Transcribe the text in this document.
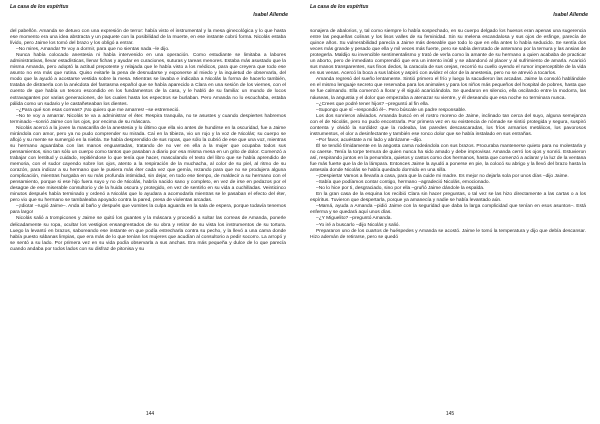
La casa de los espíritus
Isabel Allende

del pabellón. Amanda se detuvo con una expresión de terror: había visto el instrumental y la mesa ginecológica y lo que hasta ese momento era una idea abstracta y un paquete con la posibilidad de la muerte, en ese instante cobró forma. Nicolás estaba lívido, pero Jaime los tomó del brazo y los obligó a entrar.

–No mires, Amanda! Te voy a dormir, para que no sientas nada –le dijo.

Nunca había colocado anestesia ni había intervenido en una operación. Como estudiante se limitaba a labores administrativas, llevar estadísticas, llenar fichas y ayudar en curaciones, suturas y tareas menores. Estaba más asustado que la misma Amanda, pero adoptó la actitud prepotente y relajada que le había visto a los médicos, para que creyera que todo ese asunto no era más que rutina. Quiso evitarle la pena de desnudarse y exponerse al miedo y la inquietud de observarla, del modo que la ayudó a acostarse vestida sobre la mesa. Mientras se lavaba e indicaba a Nicolás la forma de hacerlo también, trataba de distraerla con la anécdota del fantasma español que se había aparecido a Clara en una sesión de los viernes, con el cuento de que había un tesoro escondido en los fundamentos de la casa, y le habló de su familia: un mundo de locos extravagantes por varias generaciones, de los cuales hasta los espectros se burlaban. Pero Amanda no lo escuchaba, estaba pálida como un sudario y le castañeteaban los dientes.

–¿Para qué son esas correas? ¡No quiero que me amarres! –se estremeció.

–No te voy a amarrar. Nicolás te va a administrar el éter. Respira tranquila, no te asustes y cuando despiertes habremos terminado –sonrió Jaime con los ojos, por encima de su máscara.

Nicolás acercó a la joven la mascarilla de la anestesia y lo último que ella vio antes de hundirse en la oscuridad, fue a Jaime mirándola con amor, pero ya no pudo comprender su mirada. Caí en la tibieza, vio un rojo y la voz de Nicolás; su cuerpo se aflojó y su mente se sumergió en la niebla. Se había desprendido de sus ropas, que sólo la cubrió de ese que una voz, mientras su hermano aguardaba con las manos enguantadas, tratando de no ver en ella a la mujer que ocupaba todos sus pensamientos, sino tan sólo un cuerpo como tantos que pasaban a diario por esa misma mesa en un grito de dolor. Comenzó a trabajar con lentitud y cuidado, repitiéndose lo que tenía que hacer, masculando el texto del libro que se había aprendido de memoria, con el sudor cayendo sobre los ojos, atento a la respiración de la muchacha, al color de su piel, al ritmo de su corazón, para indicar a su hermano que le pusiera más éter cada vez que gemía, rezando para que no se produjera alguna complicación, mientras hurgaba en su más profunda intimidad, sin dejar, en todo ese tiempo, de maldecir a su hermano con el pensamiento, porque si ese hijo fuera suyo y no de Nicolás, habría nacido sano y completo, en vez de irse en pedazos por el desagüe de ese miserable consultorio y de la huida oscura y protegido, en vez de sentirlo en su vida a cuchilladas. Veinticinco minutos después había terminado y ordenó a Nicolás que lo ayudara a acomodarla mientras se le pasaban el efecto del éter, pero vio que su hermano se tambaleaba apoyado contra la pared, presa de violentas arcadas.

–¡Idiota! –rugió Jaime–. Anda al baño y después que vomites la culpa aguarda en la sala de espera, porque todavía tenemos para largo!

Nicolás salió a trompicones y Jaime se quitó los guantes y la máscara y procedió a soltar las correas de Amanda, ponerle delicadamente su ropa, ocultar los vestigios ensangrentados de su obra y retirar de su vista los instrumentos de su tortura. Luego la levantó en brazos, saboreando ese instante en que podía estrecharla contra su pecho, y la llevó a una cama donde había puesto sábanas limpias, que era más de lo que tenían los mujeres que acudían al consultorio a pedir socorro. La arropó y se sentó a su lado. Por primera vez en su vida podía observarla a sus anchas. Era más pequeña y dulce de lo que parecía cuando andaba por todos lados con su disfraz de pitonisa y su

144
La casa de los espíritus
Isabel Allende

sonajera de abalorios, y, tal como siempre lo había sospechado, en su cuerpo delgado los huesos eran apenas una sugerencia entre las pequeñas colinas y los lisos valles de su feminidad. Sin su melena escandalosa y sus ojos de esfinge, parecía de quince años. Su vulnerabilidad parecía a Jaime más deseable que todo lo que en ella antes lo había seducido. Se sentía dos veces más grande y pesado que ella y mil veces más fuerte, pero se sabía derrotado de antemano por la ternura y las ansias de protegerla. Maldijo su invencible sentimentalismo y trató de verla como la amante de su hermano a quien acababa de practicar un aborto, pero de inmediato comprendió que era un intento inútil y se abandonó al placer y al sufrimiento de amarla. Acarició sus manos transparentes, sus finos dedos, la caracola de sus orejas, recorrió su cuello oyendo el rumor imperceptible de la vida en sus venas. Acercó la boca a sus labios y aspiró con avidez el olor de la anestesia, pero no se atrevió a tocarlos.

Amanda regresó del sueño lentamente. Sintió primero el frío y luego la sacudieron las arcadas. Jaime la consoló hablándole en el mismo lenguaje secreto que reservaba para los animales y para los niños más pequeños del hospital de pobres, hasta que se fue calmando. Ella comenzó a llorar y él siguió acariciándola. Se quedaron en silencio, ella oscilando entre la modorra, las náuseas, la angustia y el dolor que empezaba a atenazar su vientre, y él deseando que esa noche no terminara nunca.

–¿Crees que podré tener hijos? –preguntó al fin ella.

–Supongo que sí –respondió él–. Pero búscale un padre responsable.

Los dos sonrieron aliviados. Amanda buscó en el rostro moreno de Jaime, inclinado tan cerca del suyo, alguna semejanza con el de Nicolás, pero no pudo encontrarla. Por primera vez en su existencia de nómade se sintió protegida y segura, suspiró contenta y olvidó la sordidez que la rodeaba, las paredes descascaradas, los fríos armarios metálicos, los pavorosos instrumentos, el olor a desinfectante y también ese ronco dolor que se había instalado en sus entrañas.

–Por favor, acuéstate a mi lado y abrázame –dijo.

Él se tendió tímidamente en la angosta cama rodeándola con sus brazos. Procuraba mantenerse quieto para no molestarla y no caerse. Tenía la torpe ternura de quien nunca ha sido amado y debe improvisar. Amanda cerró los ojos y sonrió. Estuvieron así, respirando juntos en la penumbra, quietos y castos como dos hermanos, hasta que comenzó a aclarar y la luz de la ventana fue más fuerte que la de la lámpara. Entonces Jaime la ayudó a ponerse en pie, la colocó su abrigo y la llevó del brazo hasta la antesala donde Nicolás se había quedado dormido en una silla.

–¡Despierta! Vamos a llevarla a casa, para que la cuide mi madre. Es mejor no dejarla sola por unos días –dijo Jaime.

–Sabía que podíamos contar contigo, hermano –agradeció Nicolás, emocionado.

–No lo hice por ti, desgraciado, sino por ella –gruñó Jaime dándole la espalda.

En la gran casa de la esquina los recibió Clara sin hacer preguntas, o tal vez se las hizo directamente a las cartas o a los espíritus. Tuvieron que despertarla, porque ya amanecía y nadie se había levantado aún.

–Mamá, ayuda a Amanda –pidió Jaime con la seguridad que daba la larga complicidad que tenían en esos asuntos–. Está enferma y se quedará aquí unos días.

–¿Y Miguelito? –preguntó Amanda.

–Yo iré a buscarlo –dijo Nicolás y salió.

Prepararon uno de los cuartos de huéspedes y Amanda se acostó. Jaime le tomó la temperatura y dijo que debía descansar. Hizo ademán de retirarse, pero se quedó

145
